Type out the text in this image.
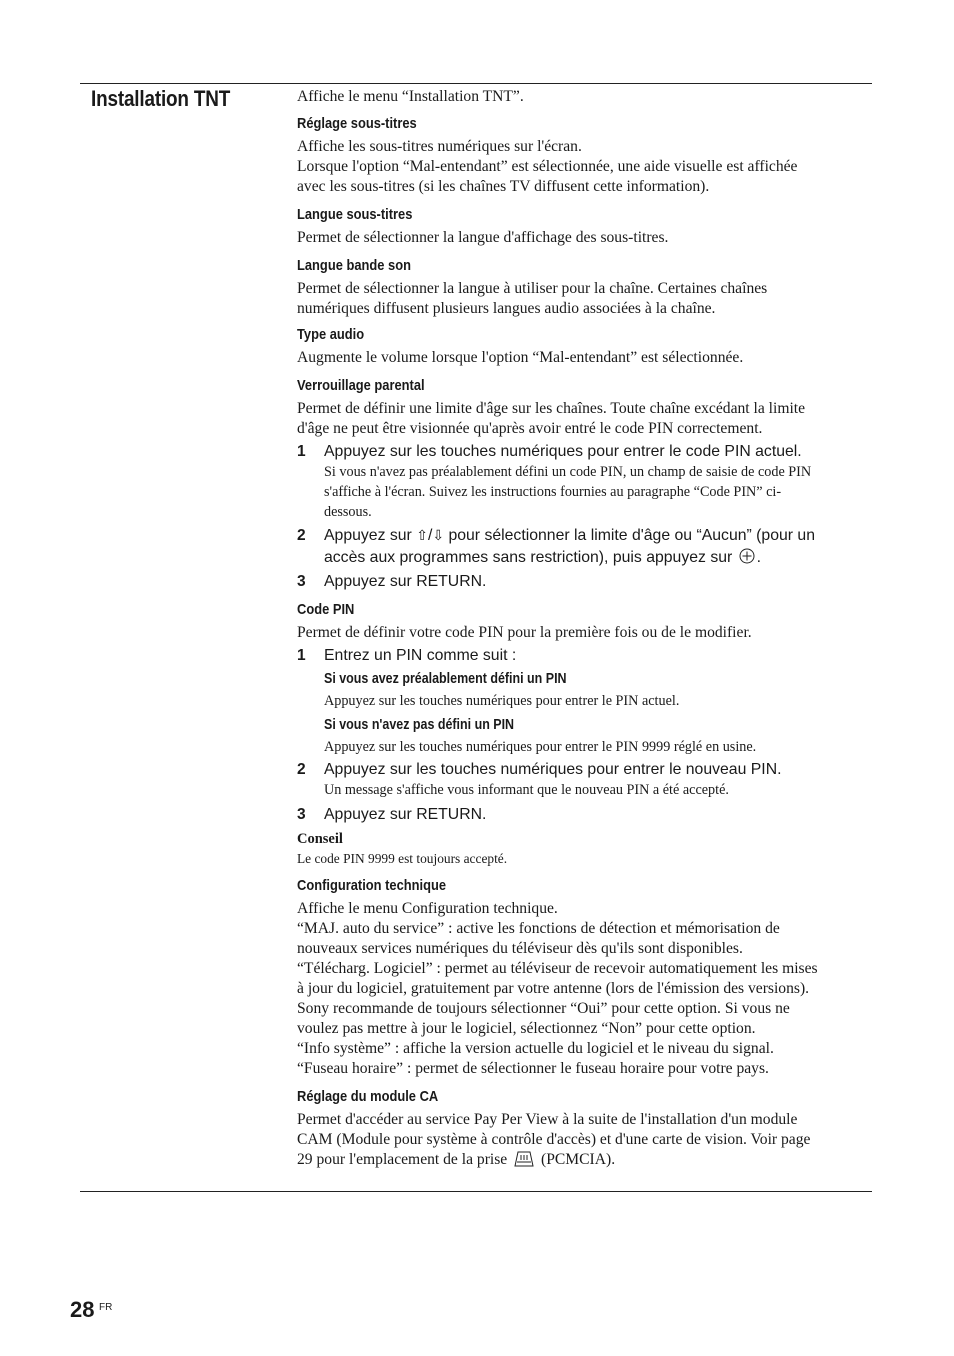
Installation TNT	Affiche le menu “Installation TNT”.

Réglage sous-titres

Affiche les sous-titres numériques sur l'écran.

Lorsque l'option “Mal-entendant” est sélectionnée, une aide visuelle est affichée

avec les sous-titres (si les chaînes TV diffusent cette information).

Langue sous-titres

Permet de sélectionner la langue d'affichage des sous-titres.

Langue bande son

Permet de sélectionner la langue à utiliser pour la chaîne. Certaines chaînes

numériques diffusent plusieurs langues audio associées à la chaîne.

Type audio

Augmente le volume lorsque l'option “Mal-entendant” est sélectionnée.

Verrouillage parental

Permet de définir une limite d'âge sur les chaînes. Toute chaîne excédant la limite

d'âge ne peut être visionnée qu'après avoir entré le code PIN correctement.

1 Appuyez sur les touches numériques pour entrer le code PIN actuel.

Si vous n'avez pas préalablement défini un code PIN, un champ de saisie de code PIN

s'affiche à l'écran. Suivez les instructions fournies au paragraphe “Code PIN” ci-

dessous.

2 Appuyez sur ⇧/⇩ pour sélectionner la limite d'âge ou “Aucun” (pour un
accès aux programmes sans restriction), puis appuyez sur .
3 Appuyez sur RETURN.

Code PIN

Permet de définir votre code PIN pour la première fois ou de le modifier.

1 Entrez un PIN comme suit :

Si vous avez préalablement défini un PIN

Appuyez sur les touches numériques pour entrer le PIN actuel.

Si vous n'avez pas défini un PIN

Appuyez sur les touches numériques pour entrer le PIN 9999 réglé en usine.

2 Appuyez sur les touches numériques pour entrer le nouveau PIN.

Un message s'affiche vous informant que le nouveau PIN a été accepté.

3 Appuyez sur RETURN.

Conseil

Le code PIN 9999 est toujours accepté.

Configuration technique

Affiche le menu Configuration technique.

“MAJ. auto du service” : active les fonctions de détection et mémorisation de

nouveaux services numériques du téléviseur dès qu'ils sont disponibles.

“Télécharg. Logiciel” : permet au téléviseur de recevoir automatiquement les mises

à jour du logiciel, gratuitement par votre antenne (lors de l'émission des versions).

Sony recommande de toujours sélectionner “Oui” pour cette option. Si vous ne

voulez pas mettre à jour le logiciel, sélectionnez “Non” pour cette option.

“Info système” : affiche la version actuelle du logiciel et le niveau du signal.

“Fuseau horaire” : permet de sélectionner le fuseau horaire pour votre pays.

Réglage du module CA

Permet d'accéder au service Pay Per View à la suite de l'installation d'un module

CAM (Module pour système à contrôle d'accès) et d'une carte de vision. Voir page

29 pour l'emplacement de la prise  (PCMCIA).

28 FR
